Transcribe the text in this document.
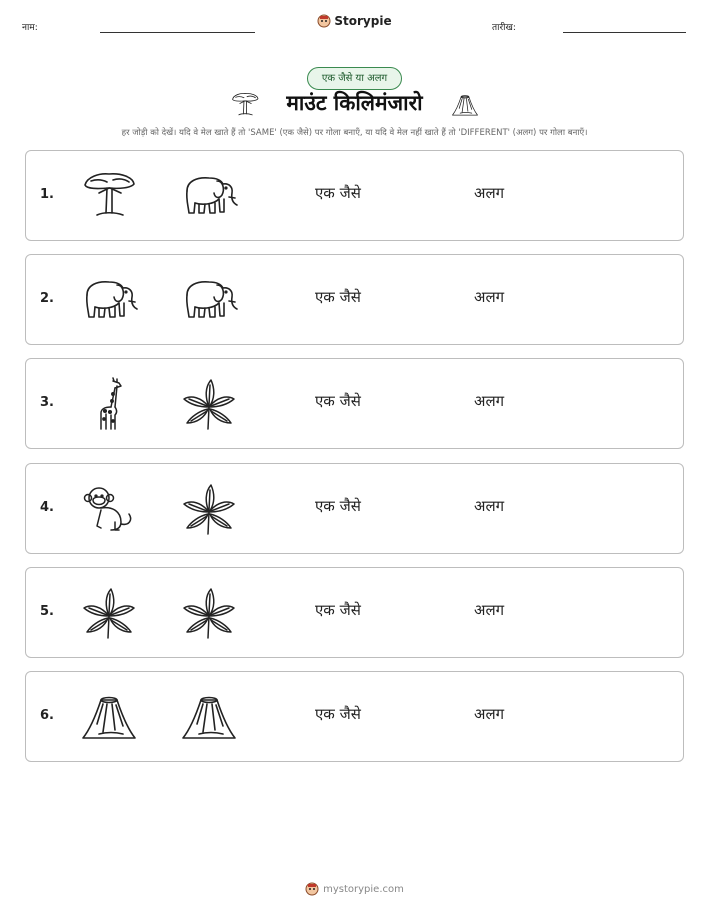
नाम:	Storypie	तारीख:
एक जैसे या अलग
माउंट किलिमंजारो
हर जोड़ी को देखें। यदि वे मेल खाते हैं तो 'SAME' (एक जैसे) पर गोला बनाएँ, या यदि वे मेल नहीं खाते हैं तो 'DIFFERENT' (अलग) पर गोला बनाएँ।
1.	एक जैसे	अलग
2.	एक जैसे	अलग
3.	एक जैसे	अलग
4.	एक जैसे	अलग
5.	एक जैसे	अलग
6.	एक जैसे	अलग
mystorypie.com
